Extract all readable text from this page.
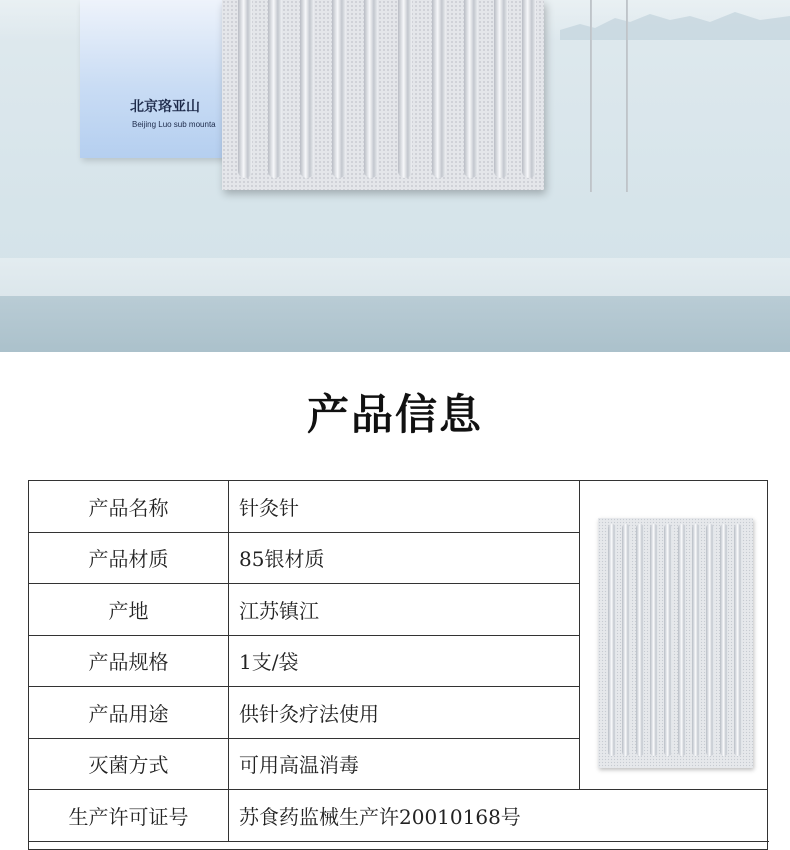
北京珞亚山
Beijing Luo sub mounta
产品信息
产品名称	针灸针
产品材质	85银材质
产地	江苏镇江
产品规格	1支/袋
产品用途	供针灸疗法使用
灭菌方式	可用高温消毒
生产许可证号	苏食药监械生产许20010168号
